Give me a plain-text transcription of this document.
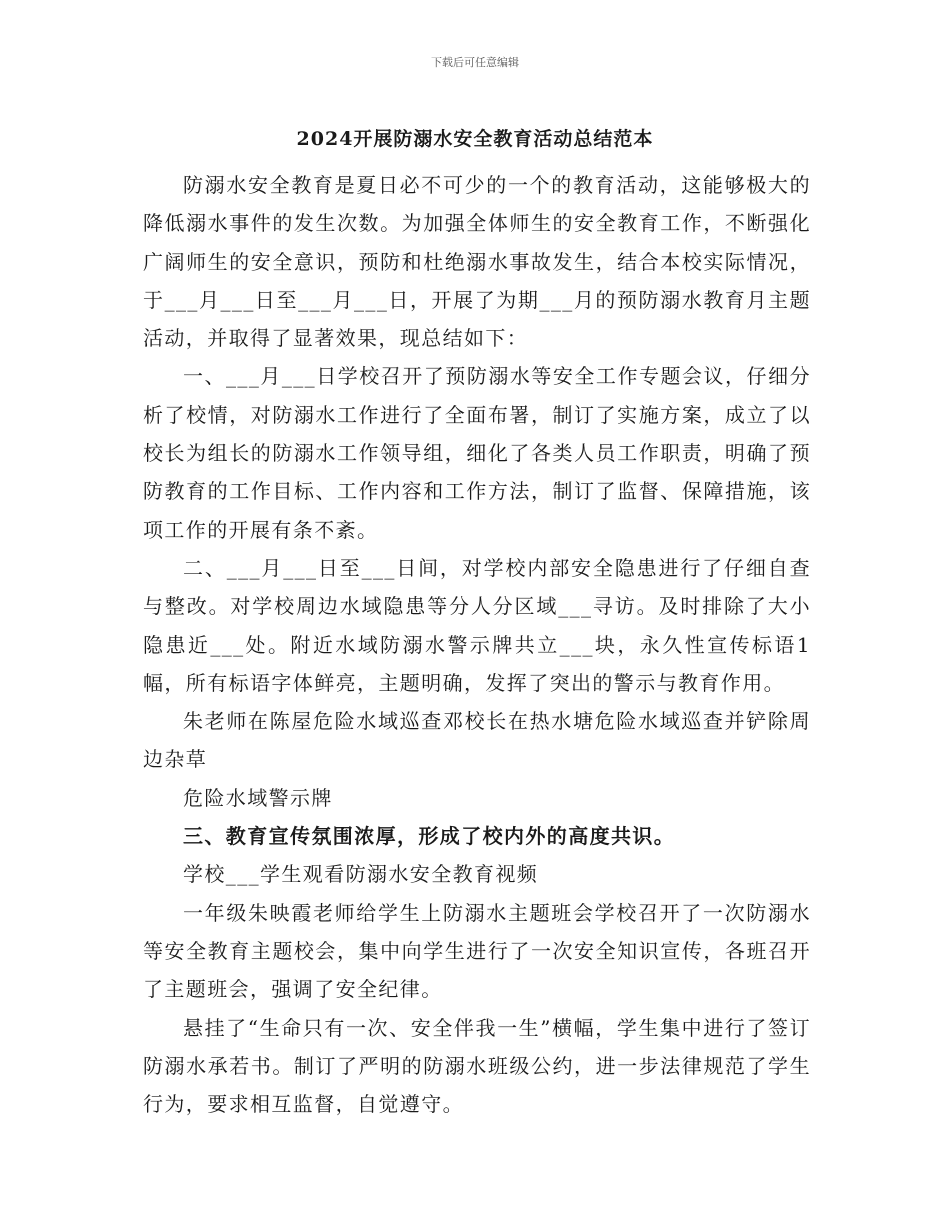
下载后可任意编辑
2024开展防溺水安全教育活动总结范本

防溺水安全教育是夏日必不可少的一个的教育活动，这能够极大的降低溺水事件的发生次数。为加强全体师生的安全教育工作，不断强化广阔师生的安全意识，预防和杜绝溺水事故发生，结合本校实际情况，于___月___日至___月___日，开展了为期___月的预防溺水教育月主题活动，并取得了显著效果，现总结如下：

一、___月___日学校召开了预防溺水等安全工作专题会议，仔细分析了校情，对防溺水工作进行了全面布署，制订了实施方案，成立了以校长为组长的防溺水工作领导组，细化了各类人员工作职责，明确了预防教育的工作目标、工作内容和工作方法，制订了监督、保障措施，该项工作的开展有条不紊。

二、___月___日至___日间，对学校内部安全隐患进行了仔细自查与整改。对学校周边水域隐患等分人分区域___寻访。及时排除了大小隐患近___处。附近水域防溺水警示牌共立___块，永久性宣传标语1幅，所有标语字体鲜亮，主题明确，发挥了突出的警示与教育作用。

朱老师在陈屋危险水域巡查邓校长在热水塘危险水域巡查并铲除周边杂草

危险水域警示牌

三、教育宣传氛围浓厚，形成了校内外的高度共识。

学校___学生观看防溺水安全教育视频

一年级朱映霞老师给学生上防溺水主题班会学校召开了一次防溺水等安全教育主题校会，集中向学生进行了一次安全知识宣传，各班召开了主题班会，强调了安全纪律。

悬挂了“生命只有一次、安全伴我一生”横幅，学生集中进行了签订防溺水承若书。制订了严明的防溺水班级公约，进一步法律规范了学生行为，要求相互监督，自觉遵守。
